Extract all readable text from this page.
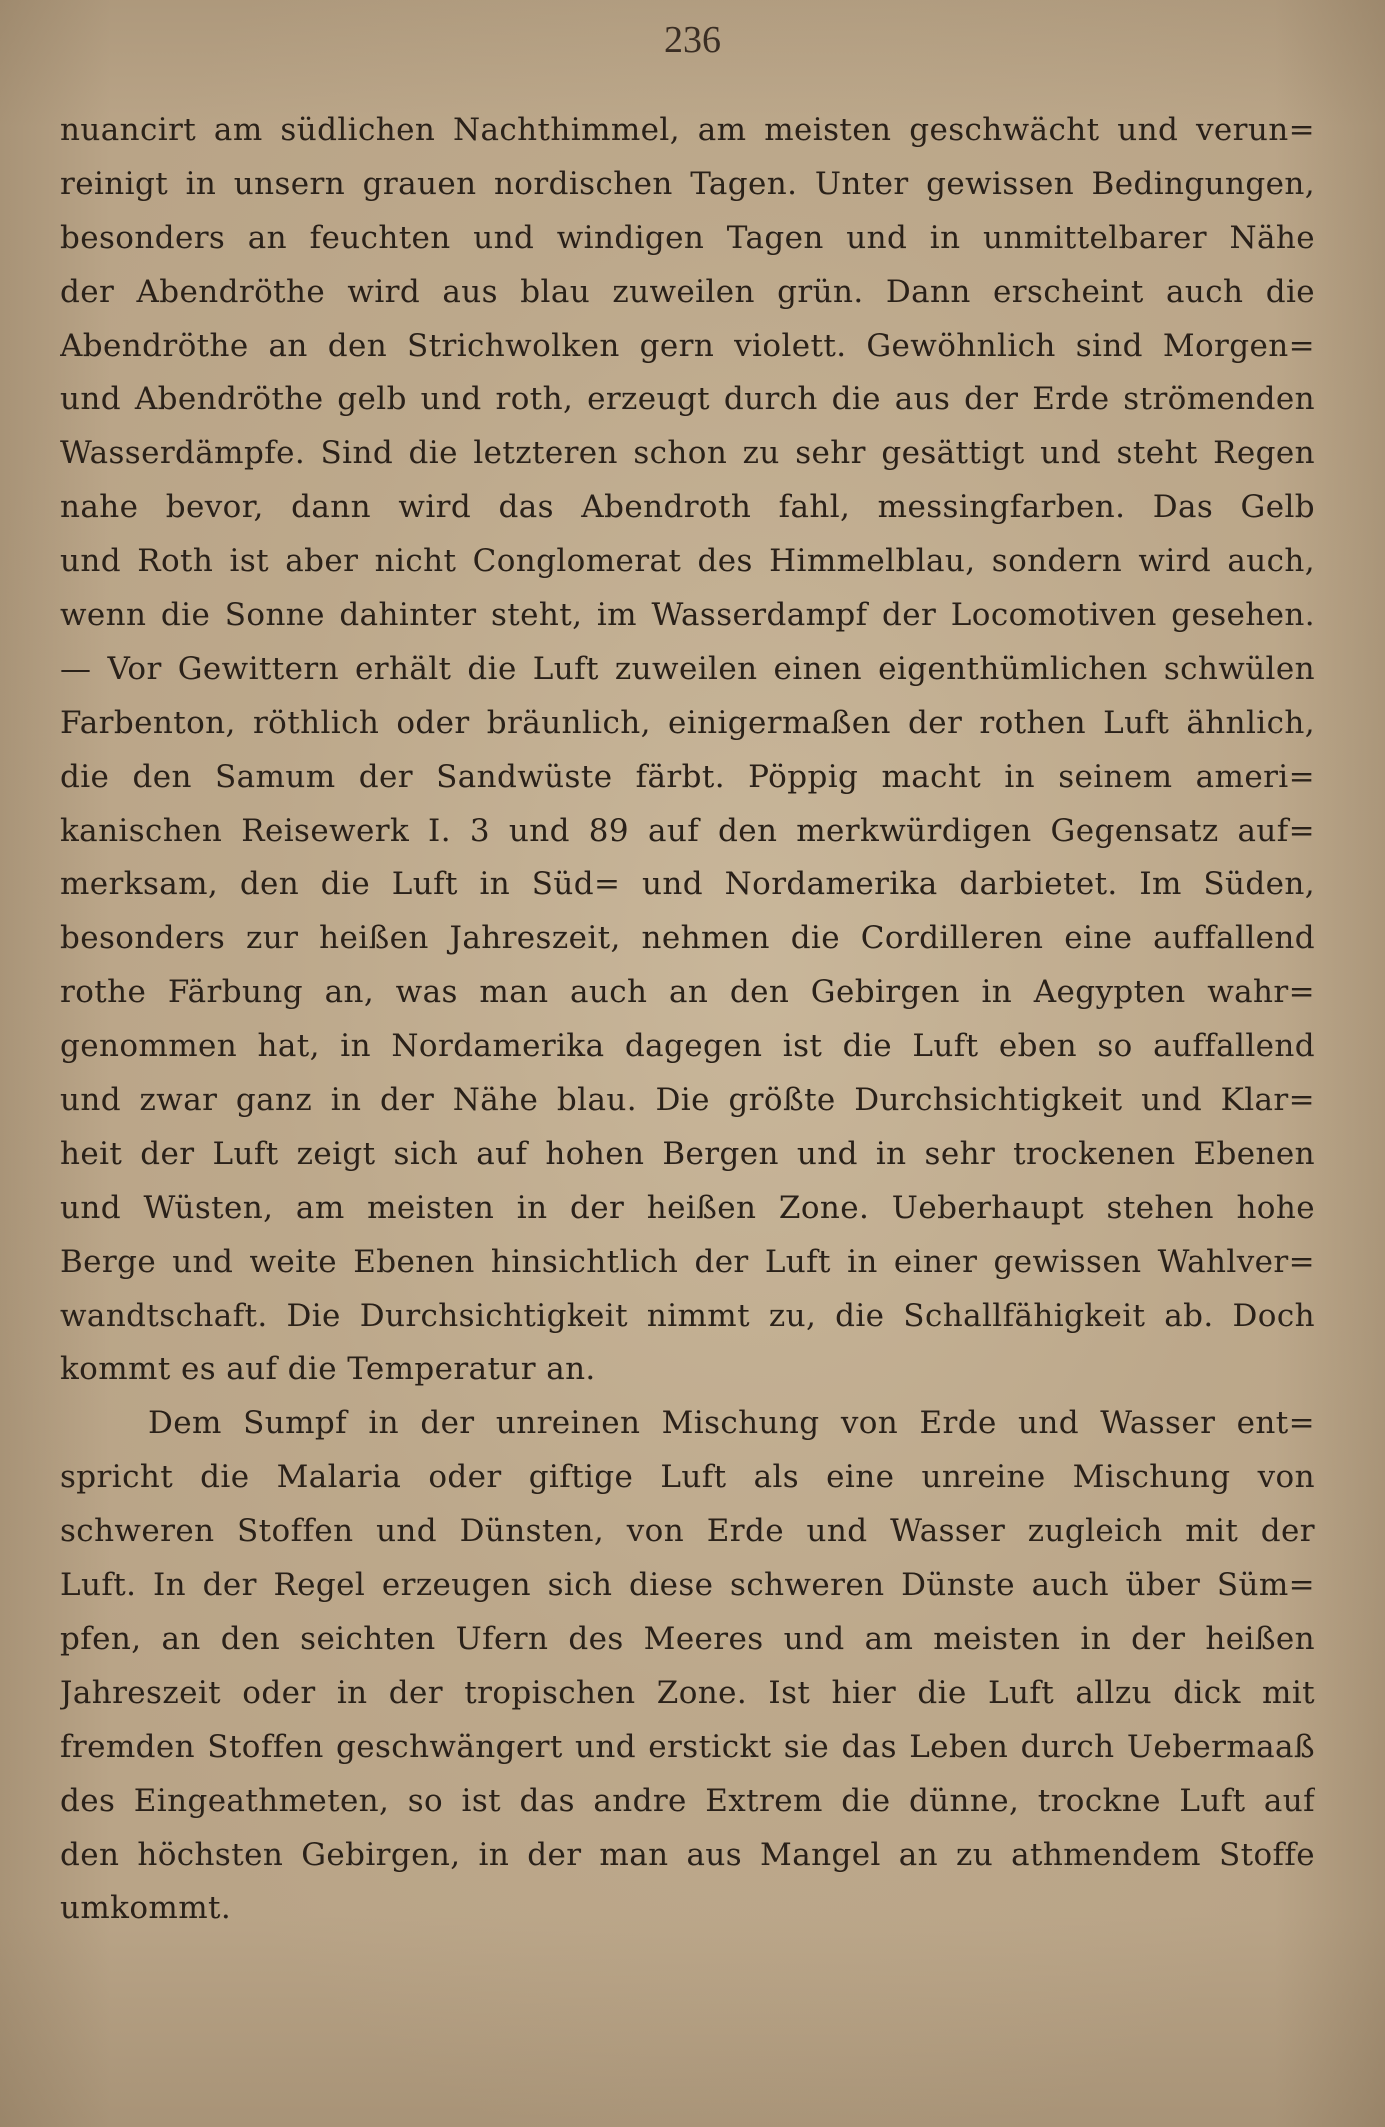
236
nuancirt am südlichen Nachthimmel, am meisten geschwächt und verun=
reinigt in unsern grauen nordischen Tagen. Unter gewissen Bedingungen,
besonders an feuchten und windigen Tagen und in unmittelbarer Nähe
der Abendröthe wird aus blau zuweilen grün. Dann erscheint auch die
Abendröthe an den Strichwolken gern violett. Gewöhnlich sind Morgen=
und Abendröthe gelb und roth, erzeugt durch die aus der Erde strömenden
Wasserdämpfe. Sind die letzteren schon zu sehr gesättigt und steht Regen
nahe bevor, dann wird das Abendroth fahl, messingfarben. Das Gelb
und Roth ist aber nicht Conglomerat des Himmelblau, sondern wird auch,
wenn die Sonne dahinter steht, im Wasserdampf der Locomotiven gesehen.
— Vor Gewittern erhält die Luft zuweilen einen eigenthümlichen schwülen
Farbenton, röthlich oder bräunlich, einigermaßen der rothen Luft ähnlich,
die den Samum der Sandwüste färbt. Pöppig macht in seinem ameri=
kanischen Reisewerk I. 3 und 89 auf den merkwürdigen Gegensatz auf=
merksam, den die Luft in Süd= und Nordamerika darbietet. Im Süden,
besonders zur heißen Jahreszeit, nehmen die Cordilleren eine auffallend
rothe Färbung an, was man auch an den Gebirgen in Aegypten wahr=
genommen hat, in Nordamerika dagegen ist die Luft eben so auffallend
und zwar ganz in der Nähe blau. Die größte Durchsichtigkeit und Klar=
heit der Luft zeigt sich auf hohen Bergen und in sehr trockenen Ebenen
und Wüsten, am meisten in der heißen Zone. Ueberhaupt stehen hohe
Berge und weite Ebenen hinsichtlich der Luft in einer gewissen Wahlver=
wandtschaft. Die Durchsichtigkeit nimmt zu, die Schallfähigkeit ab. Doch
kommt es auf die Temperatur an.
Dem Sumpf in der unreinen Mischung von Erde und Wasser ent=
spricht die Malaria oder giftige Luft als eine unreine Mischung von
schweren Stoffen und Dünsten, von Erde und Wasser zugleich mit der
Luft. In der Regel erzeugen sich diese schweren Dünste auch über Süm=
pfen, an den seichten Ufern des Meeres und am meisten in der heißen
Jahreszeit oder in der tropischen Zone. Ist hier die Luft allzu dick mit
fremden Stoffen geschwängert und erstickt sie das Leben durch Uebermaaß
des Eingeathmeten, so ist das andre Extrem die dünne, trockne Luft auf
den höchsten Gebirgen, in der man aus Mangel an zu athmendem Stoffe
umkommt.
